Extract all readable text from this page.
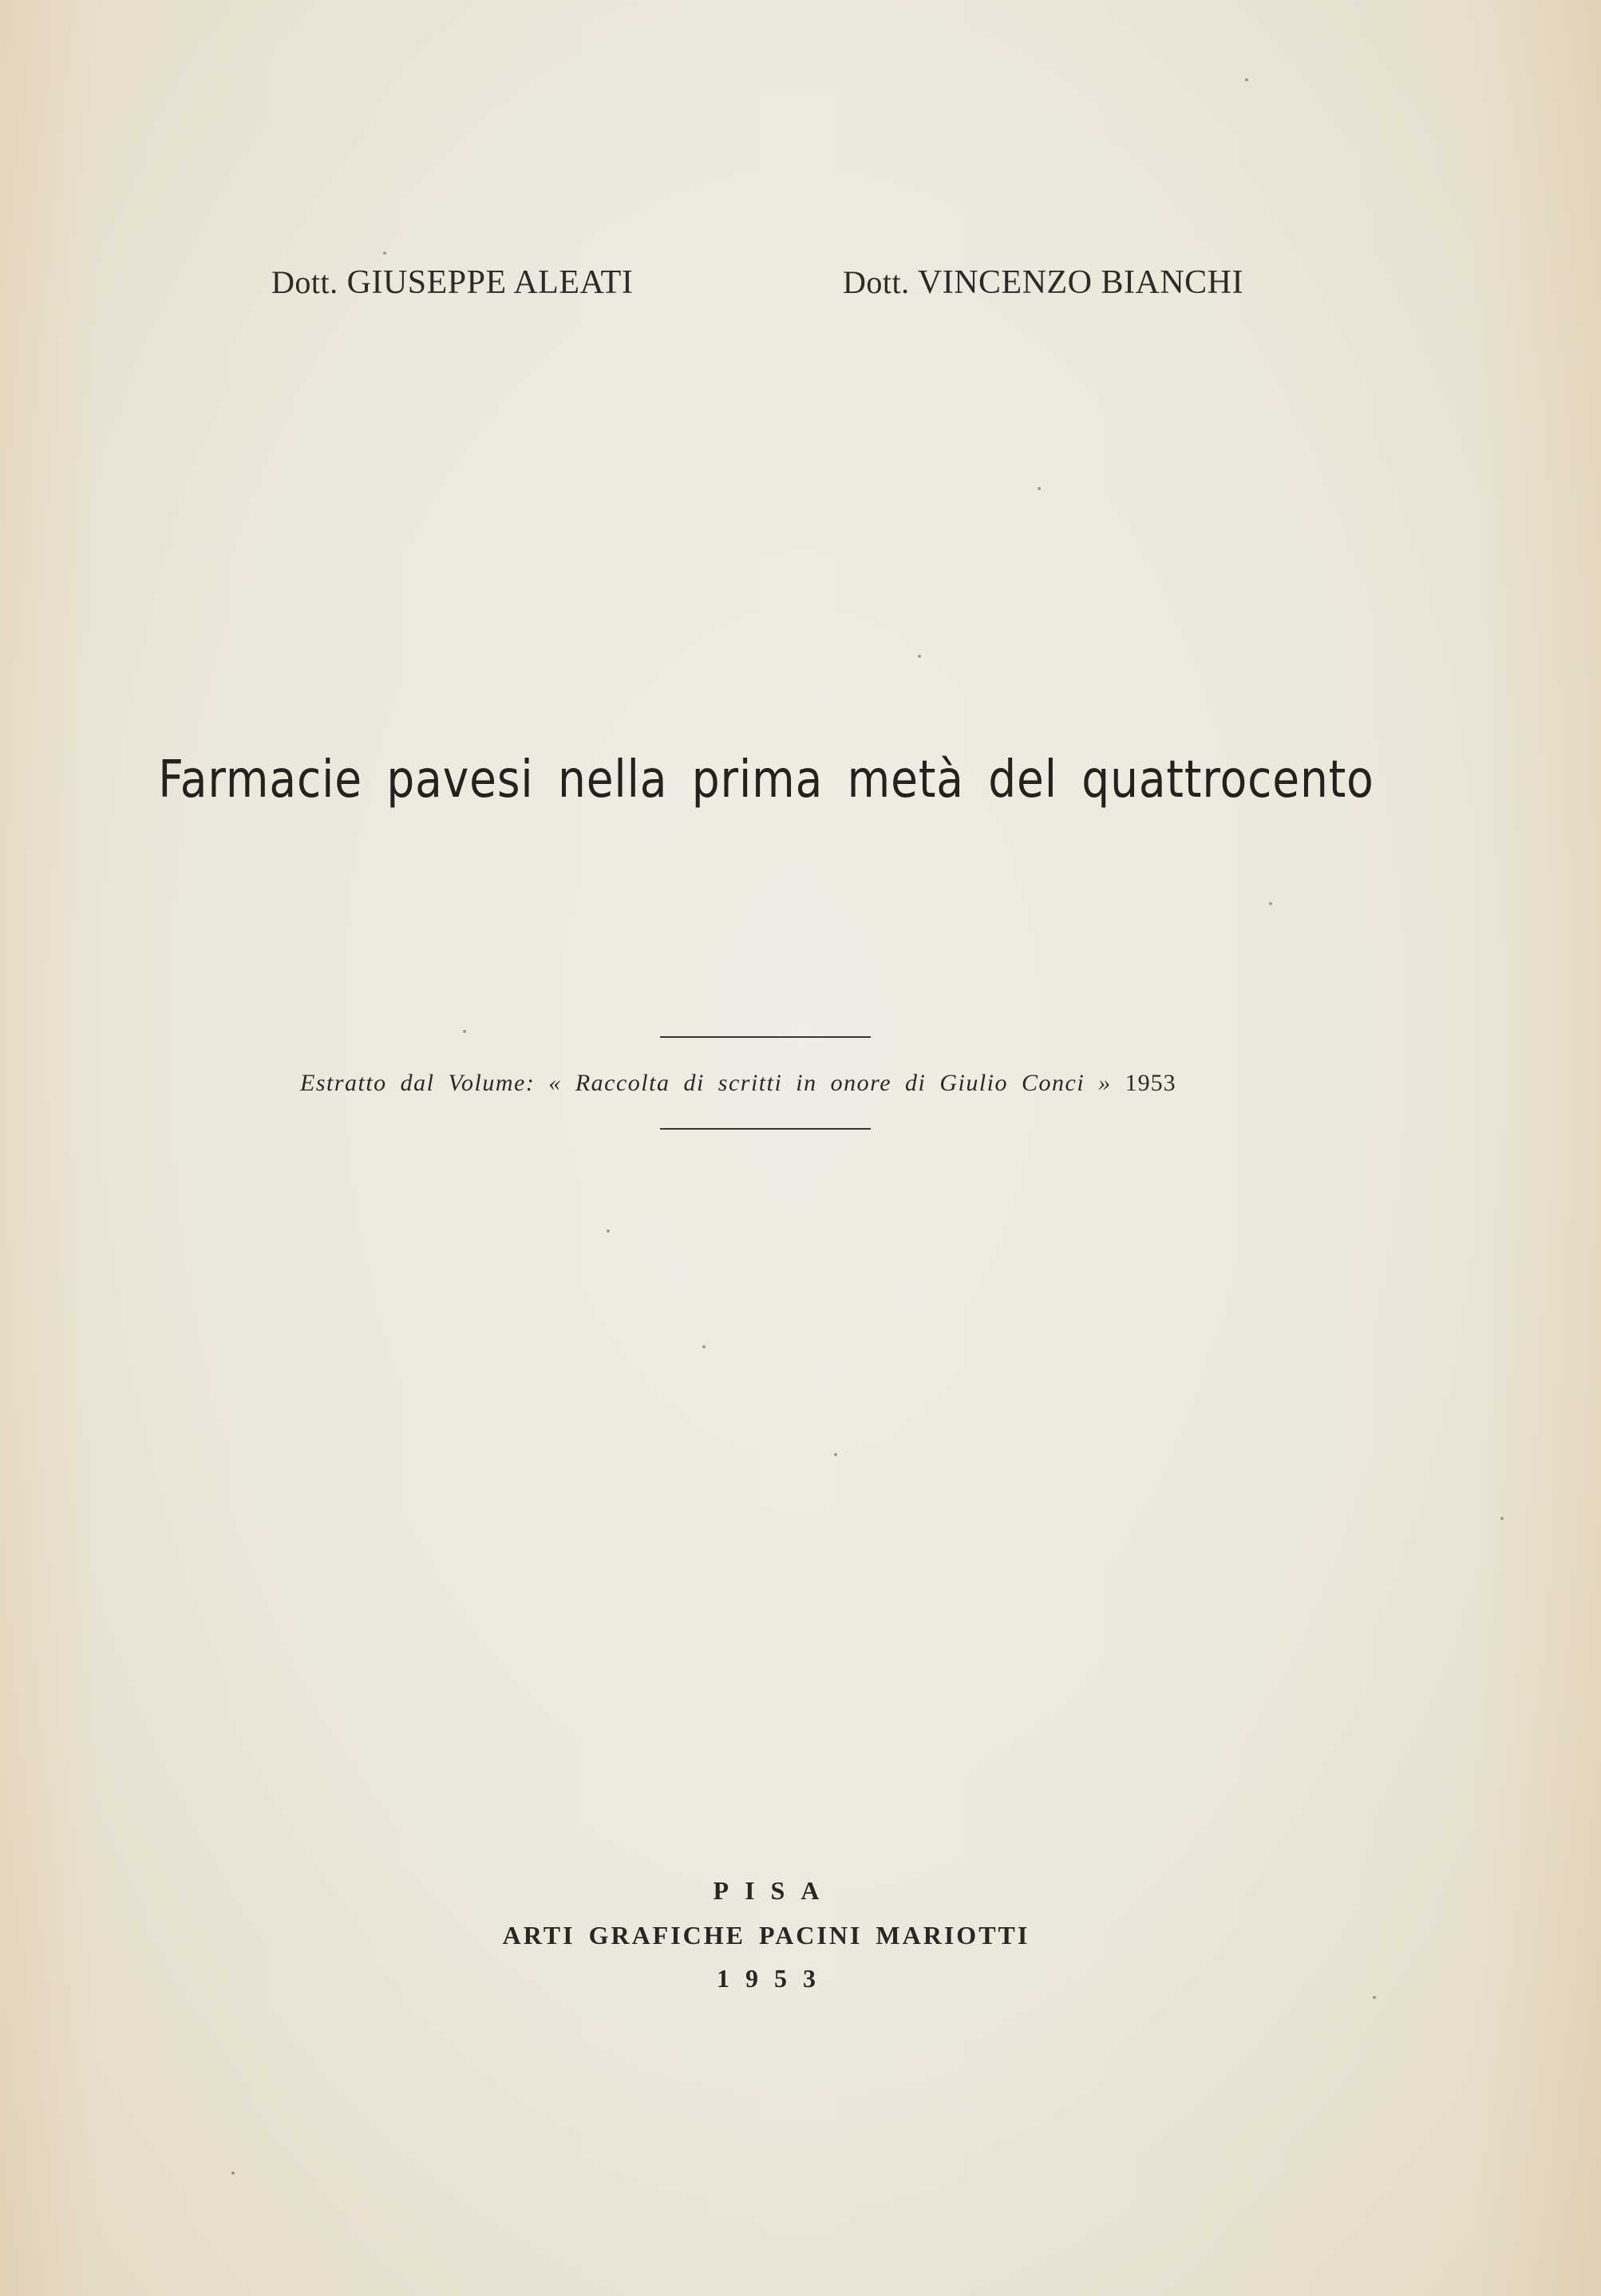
Dott. GIUSEPPE ALEATI	Dott. VINCENZO BIANCHI
Farmacie pavesi nella prima metà del quattrocento
Estratto dal Volume: « Raccolta di scritti in onore di Giulio Conci » 1953
PISA
ARTI GRAFICHE PACINI MARIOTTI
1953
